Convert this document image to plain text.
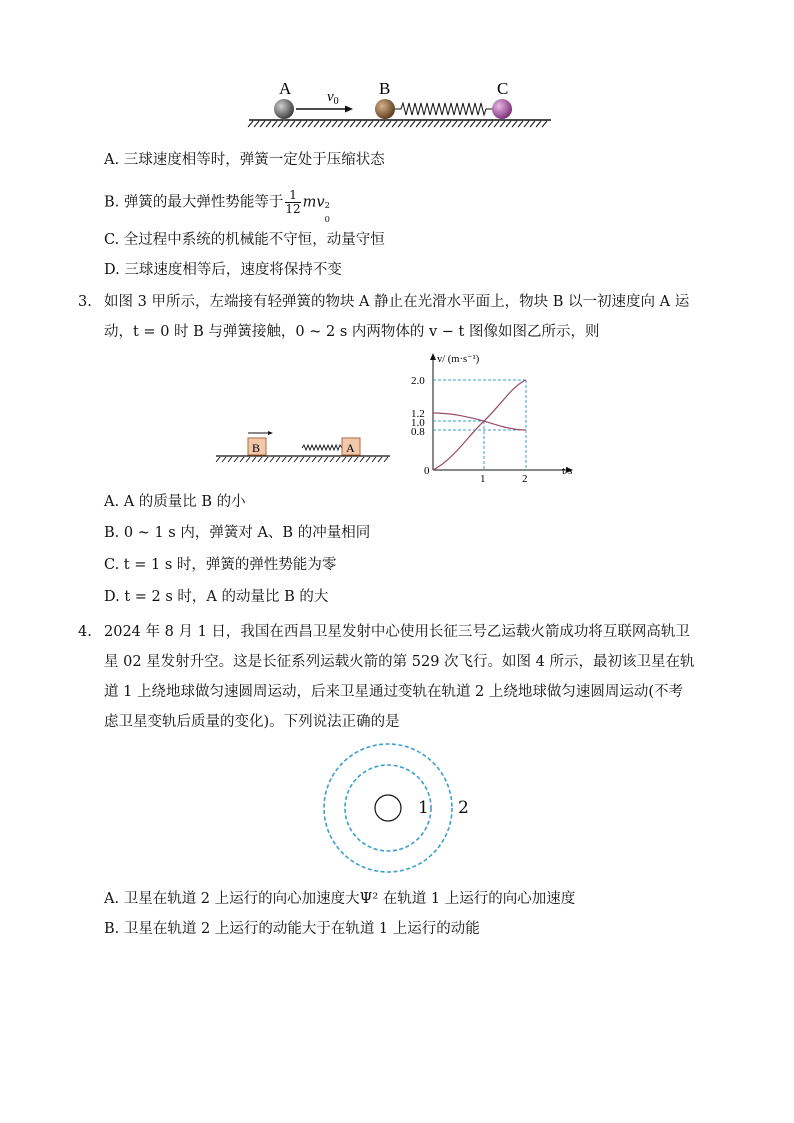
A	B	C
$v_0$
A. 三球速度相等时，弹簧一定处于压缩状态
B. 弹簧的最大弹性势能等于 $\frac{1}{12}$ mv 2
0
C. 全过程中系统的机械能不守恒，动量守恒
D. 三球速度相等后，速度将保持不变
3. 如图 3 甲所示，左端接有轻弹簧的物块 A 静止在光滑水平面上，物块 B 以一初速度向 A 运
动，t = 0 时 B 与弹簧接触，0 ~ 2 s 内两物体的 v − t 图像如图乙所示，则
B	A
v/ (m·s⁻¹)
t/s
2.0
1.2
1.0
0.8
0
1	2
A. A 的质量比 B 的小
B. 0 ~ 1 s 内，弹簧对 A、B 的冲量相同
C. t = 1 s 时，弹簧的弹性势能为零
D. t = 2 s 时，A 的动量比 B 的大
4. 2024 年 8 月 1 日，我国在西昌卫星发射中心使用长征三号乙运载火箭成功将互联网高轨卫
星 02 星发射升空。这是长征系列运载火箭的第 529 次飞行。如图 4 所示，最初该卫星在轨
道 1 上绕地球做匀速圆周运动，后来卫星通过变轨在轨道 2 上绕地球做匀速圆周运动(不考
虑卫星变轨后质量的变化)。下列说法正确的是
1 2
A. 卫星在轨道 2 上运行的向心加速度大Ψ² 在轨道 1 上运行的向心加速度
B. 卫星在轨道 2 上运行的动能大于在轨道 1 上运行的动能
